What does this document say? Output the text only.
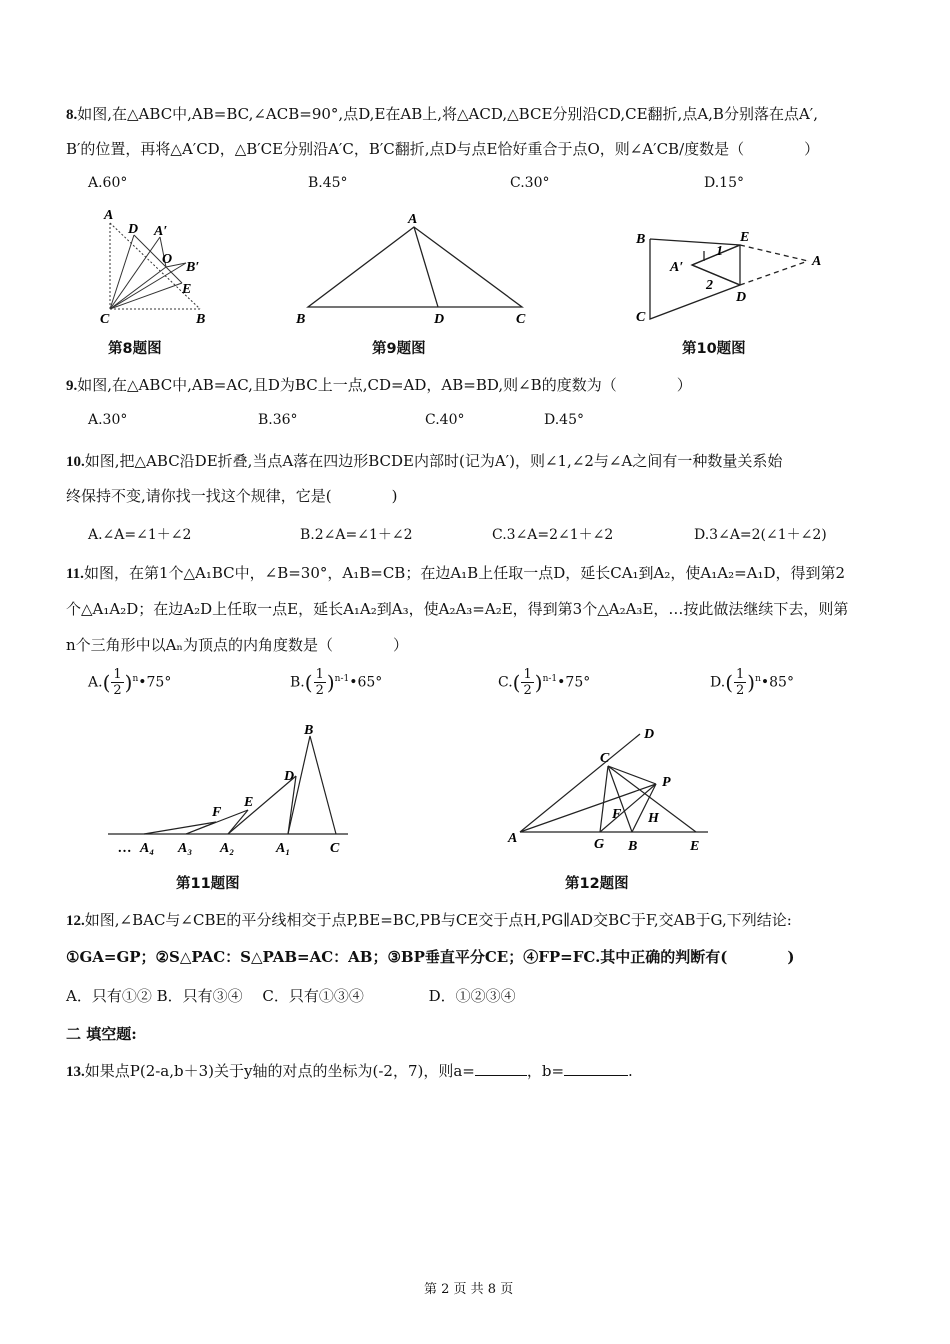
8.如图,在△ABC中,AB=BC,∠ACB=90°,点D,E在AB上,将△ACD,△BCE分别沿CD,CE翻折,点A,B分别落在点A′,
B′的位置，再将△A′CD，△B′CE分别沿A′C，B′C翻折,点D与点E恰好重合于点O，则∠A′CB/度数是（　　　　）
A.60°	B.45°	C.30°	D.15°
A
D A′
O
B′
E
C	B
A
B	D	C
B	E
A′
1
2
D
A
C
第8题图	第9题图	第10题图
9.如图,在△ABC中,AB=AC,且D为BC上一点,CD=AD，AB=BD,则∠B的度数为（　　　　）
A.30°	B.36°	C.40°	D.45°
10.如图,把△ABC沿DE折叠,当点A落在四边形BCDE内部时(记为A′)，则∠1,∠2与∠A之间有一种数量关系始
终保持不变,请你找一找这个规律，它是(　　　　)
A.∠A=∠1＋∠2	B.2∠A=∠1＋∠2	C.3∠A=2∠1＋∠2	D.3∠A=2(∠1＋∠2)
11.如图，在第1个△A₁BC中，∠B=30°，A₁B=CB；在边A₁B上任取一点D，延长CA₁到A₂，使A₁A₂=A₁D，得到第2
个△A₁A₂D；在边A₂D上任取一点E，延长A₁A₂到A₃，使A₂A₃=A₂E，得到第3个△A₂A₃E，…按此做法继续下去，则第
n个三角形中以Aₙ为顶点的内角度数是（　　　　）
$A.( \frac{1}{2}$ )$^n•75^\circ$	$B.( \frac{1}{2}$ )$^{n-1}•65^\circ$	$C.( \frac{1}{2}$ )$^{n-1}•75^\circ$	$D.( \frac{1}{2}$ )$^n•85^\circ$
B
D
E
F
… A₄ A₃ A₂	A₁	C
D
C
P
F H
A	G B	E
第11题图	第12题图
12.如图,∠BAC与∠CBE的平分线相交于点P,BE=BC,PB与CE交于点H,PG∥AD交BC于F,交AB于G,下列结论:
①GA=GP；②S△PAC：S△PAB=AC：AB；③BP垂直平分CE；④FP=FC.其中正确的判断有(　　　　)
A．只有①② B．只有③④　 C．只有①③④　　　　 D．①②③④
二 填空题:
13.如果点P(2-a,b＋3)关于y轴的对点的坐标为(-2，7)，则a=	，b=	.
第 2 页 共 8 页
